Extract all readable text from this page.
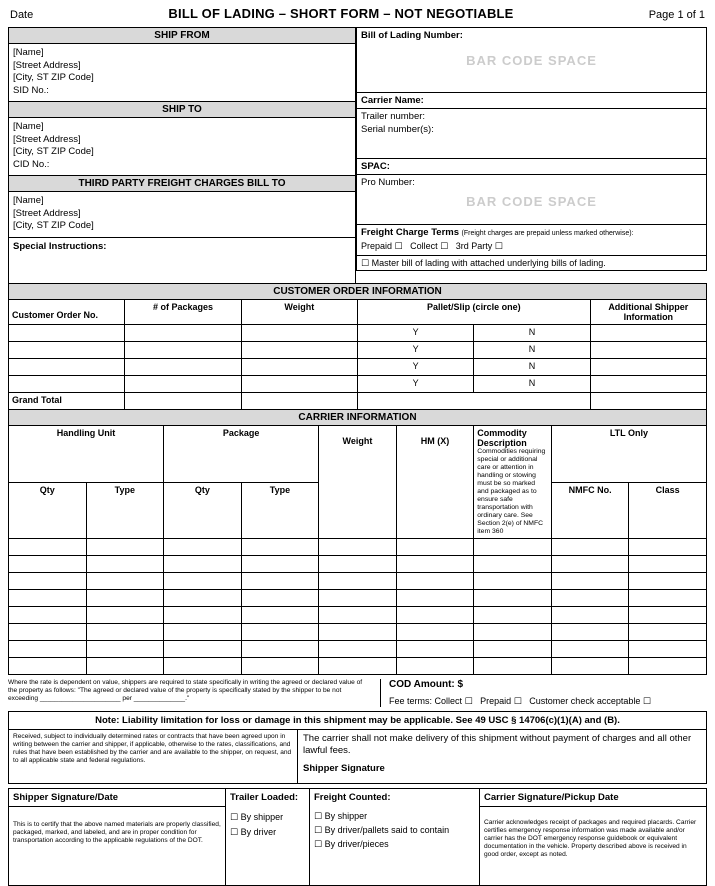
Date	BILL OF LADING – SHORT FORM – NOT NEGOTIABLE	Page 1 of 1
SHIP FROM
[Name]
[Street Address]
[City, ST ZIP Code]
SID No.:
SHIP TO
[Name]
[Street Address]
[City, ST ZIP Code]
CID No.:
THIRD PARTY FREIGHT CHARGES BILL TO
[Name]
[Street Address]
[City, ST ZIP Code]
Special Instructions:
Bill of Lading Number:
BAR CODE SPACE
Carrier Name:
Trailer number:
Serial number(s):
SPAC:
Pro Number:
BAR CODE SPACE
Freight Charge Terms (Freight charges are prepaid unless marked otherwise):
Prepaid ☐ Collect ☐ 3rd Party ☐
☐ Master bill of lading with attached underlying bills of lading.
CUSTOMER ORDER INFORMATION					
Customer Order No.	# of Packages	Weight	Pallet/Slip (circle one)		Additional Shipper Information
			Y	N	
			Y	N	
			Y	N	
			Y	N	
Grand Total					
CARRIER INFORMATION								
Handling Unit		Package		Weight	HM (X)	Commodity Description
Commodities requiring special or additional care or attention in handling or stowing must be so marked and packaged as to ensure safe transportation with ordinary care. See Section 2(e) of NMFC item 360	LTL Only	
Qty	Type	Qty	Type				NMFC No.	Class

Where the rate is dependent on value, shippers are required to state specifically in writing the agreed or declared value of the property as follows: "The agreed or declared value of the property is specifically stated by the shipper to be not exceeding ______________________ per ______________."
COD Amount: $
Fee terms: Collect ☐ Prepaid ☐ Customer check acceptable ☐
Note: Liability limitation for loss or damage in this shipment may be applicable. See 49 USC § 14706(c)(1)(A) and (B).
Received, subject to individually determined rates or contracts that have been agreed upon in writing between the carrier and shipper, if applicable, otherwise to the rates, classifications, and rules that have been established by the carrier and are available to the shipper, on request, and to all applicable state and federal regulations.
The carrier shall not make delivery of this shipment without payment of charges and all other lawful fees.
Shipper Signature
Shipper Signature/Date
This is to certify that the above named materials are properly classified, packaged, marked, and labeled, and are in proper condition for transportation according to the applicable regulations of the DOT.
Trailer Loaded:
☐ By shipper
☐ By driver
Freight Counted:
☐ By shipper
☐ By driver/pallets said to contain
☐ By driver/pieces
Carrier Signature/Pickup Date
Carrier acknowledges receipt of packages and required placards. Carrier certifies emergency response information was made available and/or carrier has the DOT emergency response guidebook or equivalent documentation in the vehicle. Property described above is received in good order, except as noted.
